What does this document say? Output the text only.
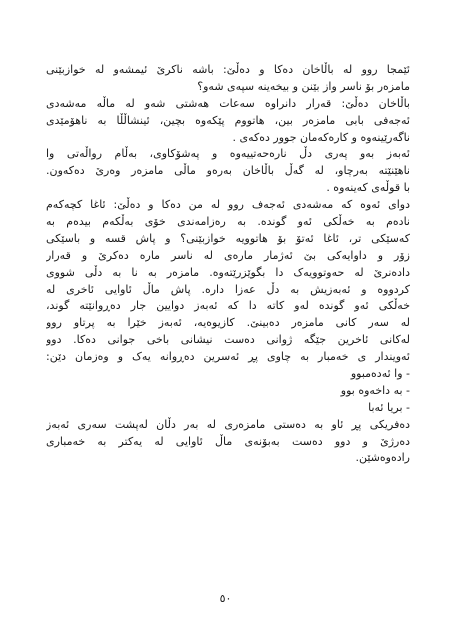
ئێمجا روو لە باڵاخان دەکا و دەڵێ: باشە ناکرێ ئیمشەو لە خوازبێنی
مامزەر بۆ ناسر واز بێنن و بیخەینە سپەی شەو؟
باڵاخان دەڵێ: قەرار دانراوە سەعات هەشتی شەو لە ماڵە مەشەدی
ئەجەفی بابی مامزەر بین، هاتووم پێکەوە بچین، ئینشاڵڵا بە ناهۆمێدی
ناگەرێینەوە و کارەکەمان جوور دەکەی .
ئەبەز بەو پەری دڵ نارەحەتییەوە و پەشۆکاوی، بەڵام رواڵەتی وا
ناهێنێتە بەرچاو، لە گەڵ باڵاخان بەرەو ماڵی مامزەر وەرێ دەکەون.
با قوڵەی کەینەوە .
دوای ئەوە کە مەشەدی ئەجەف روو لە من دەکا و دەڵێ: ئاغا کچەکەم
نادەم بە خەڵکی ئەو گوندە. بە رەزامەندی خۆی بەڵکەم بیدەم بە
کەسێکی تر، ئاغا ئەتۆ بۆ هاتوویە خوازبێنی؟ و پاش قسە و باسێکی
زۆر و داوایەکی بێ ئەژمار مارەی لە ناسر مارە دەکرێ و قەرار
دادەنرێ لە حەوتوویەک دا بگوێزرێتەوە. مامزەر بە نا بە دڵی شووی
کردووە و ئەبەزیش بە دڵ عەزا دارە. پاش ماڵ ئاوایی ئاخری لە
خەڵکی ئەو گوندە لەو کاتە دا کە ئەبەز دوایین جار دەڕوانێتە گوند،
لە سەر کانی مامزەر دەبینێ. کازیوەیە، ئەبەز خێرا بە پرتاو روو
لەکانی ئاخرین جێگە ژوانی دەست نیشانی باخی جوانی دەکا. دوو
ئەویندار ی خەمبار بە چاوی پڕ ئەسرین دەڕوانە یەک و وەزمان دێن:
- وا ئەدەمبوو
- بە داخەوە بوو
- بریا ئەبا
دەفریکی پڕ ئاو بە دەستی مامزەری لە بەر دڵان لەپشت سەری ئەبەز
دەرژێ و دوو دەست بەبۆنەی ماڵ ئاوایی لە یەکتر بە خەمباری
رادەوەشێن.
٥٠
